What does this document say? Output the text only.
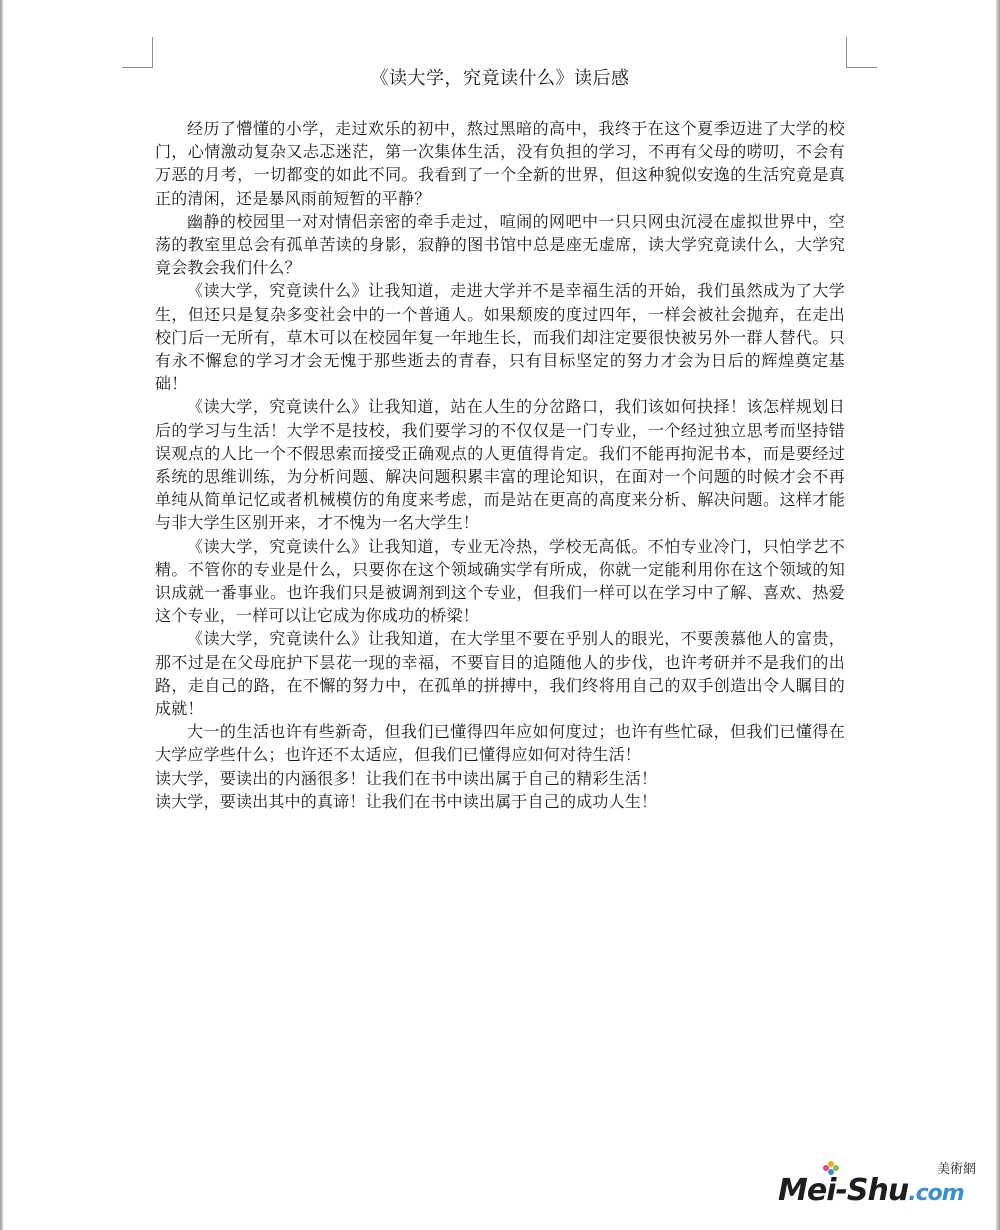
《读大学，究竟读什么》读后感

经历了懵懂的小学，走过欢乐的初中，熬过黑暗的高中，我终于在这个夏季迈进了大学的校门，心情激动复杂又忐忑迷茫，第一次集体生活，没有负担的学习，不再有父母的唠叨，不会有万恶的月考，一切都变的如此不同。我看到了一个全新的世界，但这种貌似安逸的生活究竟是真正的清闲，还是暴风雨前短暂的平静？

幽静的校园里一对对情侣亲密的牵手走过，喧闹的网吧中一只只网虫沉浸在虚拟世界中，空荡的教室里总会有孤单苦读的身影，寂静的图书馆中总是座无虚席，读大学究竟读什么，大学究竟会教会我们什么？

《读大学，究竟读什么》让我知道，走进大学并不是幸福生活的开始，我们虽然成为了大学生，但还只是复杂多变社会中的一个普通人。如果颓废的度过四年，一样会被社会抛弃，在走出校门后一无所有，草木可以在校园年复一年地生长，而我们却注定要很快被另外一群人替代。只有永不懈怠的学习才会无愧于那些逝去的青春，只有目标坚定的努力才会为日后的辉煌奠定基础！

《读大学，究竟读什么》让我知道，站在人生的分岔路口，我们该如何抉择！该怎样规划日后的学习与生活！大学不是技校，我们要学习的不仅仅是一门专业，一个经过独立思考而坚持错误观点的人比一个不假思索而接受正确观点的人更值得肯定。我们不能再拘泥书本，而是要经过系统的思维训练，为分析问题、解决问题积累丰富的理论知识，在面对一个问题的时候才会不再单纯从简单记忆或者机械模仿的角度来考虑，而是站在更高的高度来分析、解决问题。这样才能与非大学生区别开来，才不愧为一名大学生！

《读大学，究竟读什么》让我知道，专业无冷热，学校无高低。不怕专业冷门，只怕学艺不精。不管你的专业是什么，只要你在这个领域确实学有所成，你就一定能利用你在这个领域的知识成就一番事业。也许我们只是被调剂到这个专业，但我们一样可以在学习中了解、喜欢、热爱这个专业，一样可以让它成为你成功的桥梁！

《读大学，究竟读什么》让我知道，在大学里不要在乎别人的眼光，不要羡慕他人的富贵，那不过是在父母庇护下昙花一现的幸福，不要盲目的追随他人的步伐，也许考研并不是我们的出路，走自己的路，在不懈的努力中，在孤单的拼搏中，我们终将用自己的双手创造出令人瞩目的成就！

大一的生活也许有些新奇，但我们已懂得四年应如何度过；也许有些忙碌，但我们已懂得在大学应学些什么；也许还不太适应，但我们已懂得应如何对待生活！

读大学，要读出的内涵很多！让我们在书中读出属于自己的精彩生活！

读大学，要读出其中的真谛！让我们在书中读出属于自己的成功人生！

美術網
Mei-Shu.com
